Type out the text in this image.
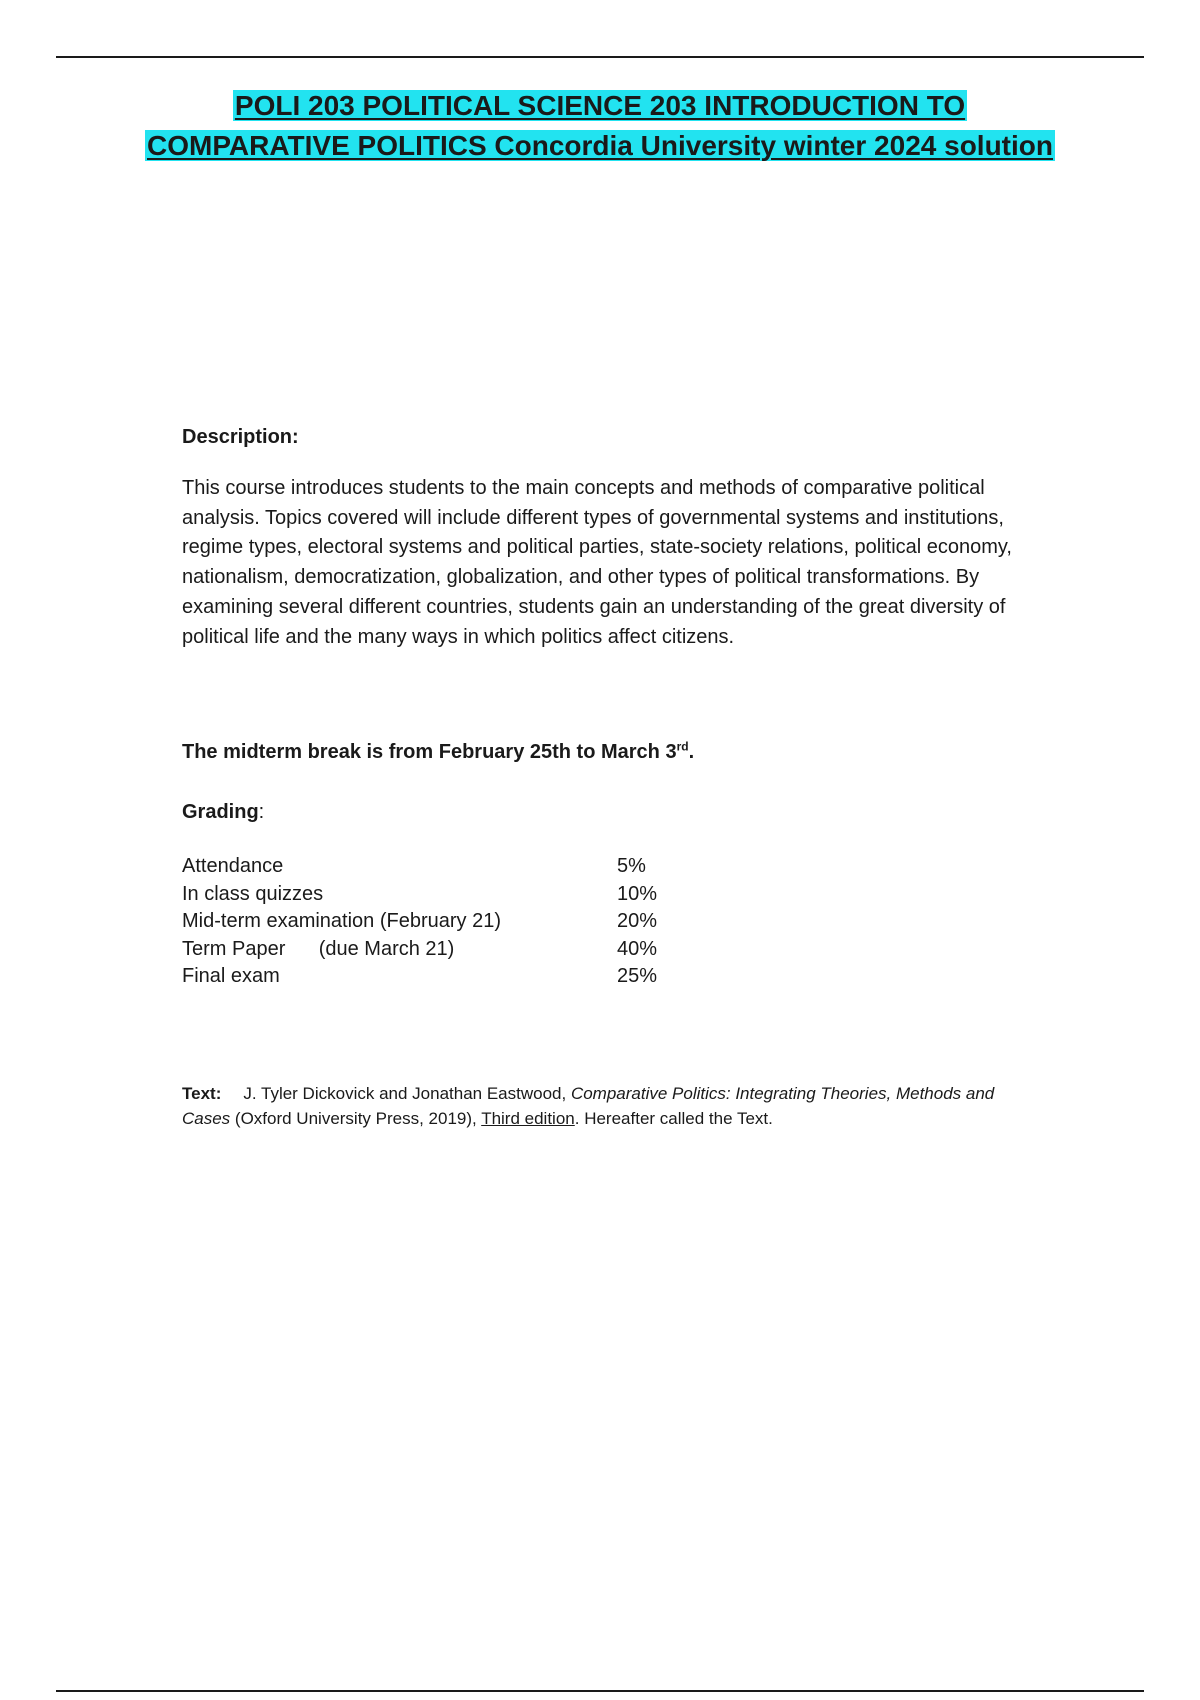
POLI 203 POLITICAL SCIENCE 203 INTRODUCTION TO
COMPARATIVE POLITICS Concordia University winter 2024 solution
Description:
This course introduces students to the main concepts and methods of comparative political analysis. Topics covered will include different types of governmental systems and institutions, regime types, electoral systems and political parties, state-society relations, political economy, nationalism, democratization, globalization, and other types of political transformations. By examining several different countries, students gain an understanding of the great diversity of political life and the many ways in which politics affect citizens.
The midterm break is from February 25th to March 3rd.
Grading:
Attendance	5%
In class quizzes	10%
Mid-term examination (February 21)	20%
Term Paper      (due March 21)	40%
Final exam	25%
Text: J. Tyler Dickovick and Jonathan Eastwood, Comparative Politics: Integrating Theories, Methods and Cases (Oxford University Press, 2019), Third edition. Hereafter called the Text.
